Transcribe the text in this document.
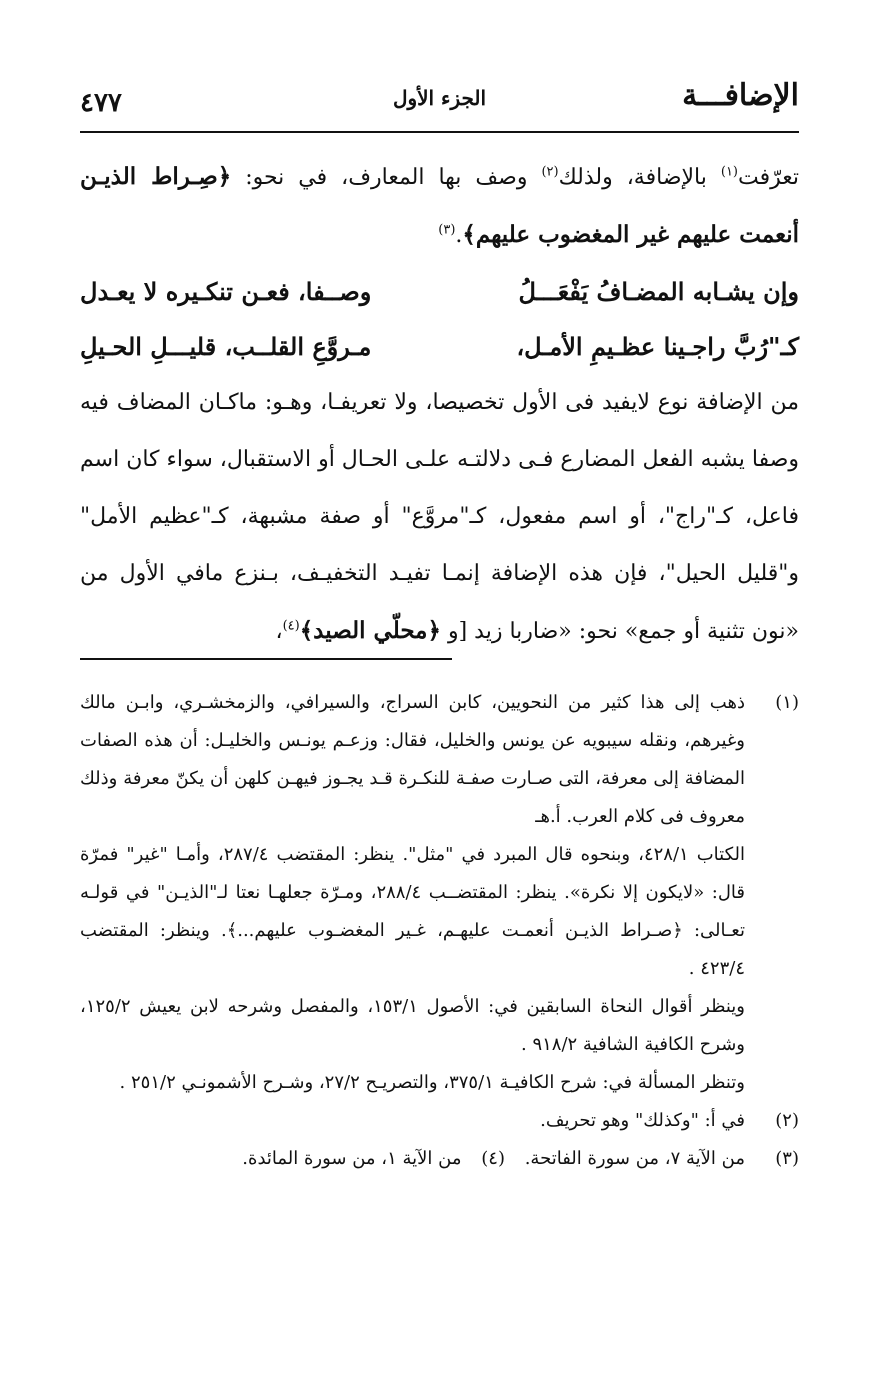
الإضافـــة
الجزء الأول
٤٧٧

تعرّفت$^{(١)}$ بالإضافة، ولذلك$^{(٢)}$ وصف بها المعارف، في نحو: ﴿صِـراط الذيـن أنعمت عليهم غير المغضوب عليهم﴾.$^{(٣)}$

وإن يشـابه المضـافُ يَفْعَـــلُ
وصــفا، فعـن تنكـيره لا يعـدل
كـ"رُبَّ راجـينا عظـيمِ الأمـل،
مـروَّعِ القلــب، قليـــلِ الحـيلِ

من الإضافة نوع لايفيد فى الأول تخصيصا، ولا تعريفـا، وهـو: ماكـان المضاف فيه وصفا يشبه الفعل المضارع فـى دلالتـه علـى الحـال أو الاستقبال، سواء كان اسم فاعل، كـ"راج"، أو اسم مفعول، كـ"مروَّع" أو صفة مشبهة، كـ"عظيم الأمل" و"قليل الحيل"، فإن هذه الإضافة إنمـا تفيـد التخفيـف، بـنزع مافي الأول من «نون تثنية أو جمع» نحو: «ضاربا زيد [و ﴿محلّي الصيد﴾$^{(٤)}$،

(١)

ذهب إلى هذا كثير من النحويين، كابن السراج، والسيرافي، والزمخشـري، وابـن مالك وغيرهم، ونقله سيبويه عن يونس والخليل، فقال: وزعـم يونـس والخليـل: أن هذه الصفات المضافة إلى معرفة، التى صـارت صفـة للنكـرة قـد يجـوز فيهـن كلهن أن يكنّ معرفة وذلك معروف فى كلام العرب. أ.هـ

الكتاب ٤٢٨/١، وبنحوه قال المبرد في "مثل". ينظر: المقتضب ٢٨٧/٤، وأمـا "غير" فمرّة قال: «لايكون إلا نكرة». ينظر: المقتضــب ٢٨٨/٤، ومـرّة جعلهـا نعتا لـ"الذيـن" في قولـه تعـالى: ﴿صـراط الذيـن أنعمـت عليهـم، غـير المغضـوب عليهم...﴾. وينظر: المقتضب ٤٢٣/٤ .

وينظر أقوال النحاة السابقين في: الأصول ١٥٣/١، والمفصل وشرحه لابن يعيش ١٢٥/٢، وشرح الكافية الشافية ٩١٨/٢ .

وتنظر المسألة في: شرح الكافيـة ٣٧٥/١، والتصريـح ٢٧/٢، وشـرح الأشمونـي ٢٥١/٢ .

(٢)
في أ: "وكذلك" وهو تحريف.
(٣)
من الآية ٧، من سورة الفاتحة. (٤) من الآية ١، من سورة المائدة.
